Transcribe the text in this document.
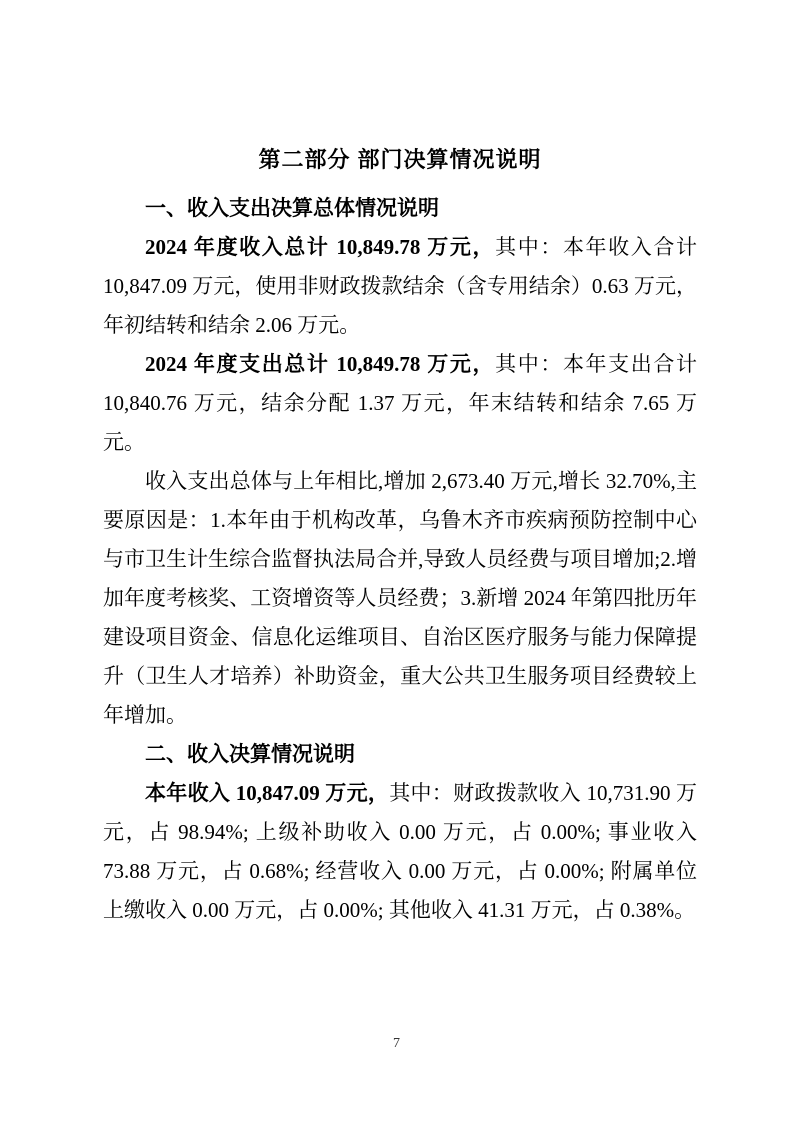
第二部分 部门决算情况说明
一、收入支出决算总体情况说明

2024 年度收入总计 10,849.78 万元，其中：本年收入合计 10,847.09 万元，使用非财政拨款结余（含专用结余）0.63 万元，年初结转和结余 2.06 万元。

2024 年度支出总计 10,849.78 万元，其中：本年支出合计 10,840.76 万元，结余分配 1.37 万元，年末结转和结余 7.65 万元。

收入支出总体与上年相比,增加 2,673.40 万元,增长 32.70%,主要原因是：1.本年由于机构改革，乌鲁木齐市疾病预防控制中心与市卫生计生综合监督执法局合并,导致人员经费与项目增加;2.增加年度考核奖、工资增资等人员经费；3.新增 2024 年第四批历年建设项目资金、信息化运维项目、自治区医疗服务与能力保障提升（卫生人才培养）补助资金，重大公共卫生服务项目经费较上年增加。

二、收入决算情况说明

本年收入 10,847.09 万元，其中：财政拨款收入 10,731.90 万元，占 98.94%; 上级补助收入 0.00 万元，占 0.00%; 事业收入 73.88 万元，占 0.68%; 经营收入 0.00 万元，占 0.00%; 附属单位上缴收入 0.00 万元，占 0.00%; 其他收入 41.31 万元，占 0.38%。

7
